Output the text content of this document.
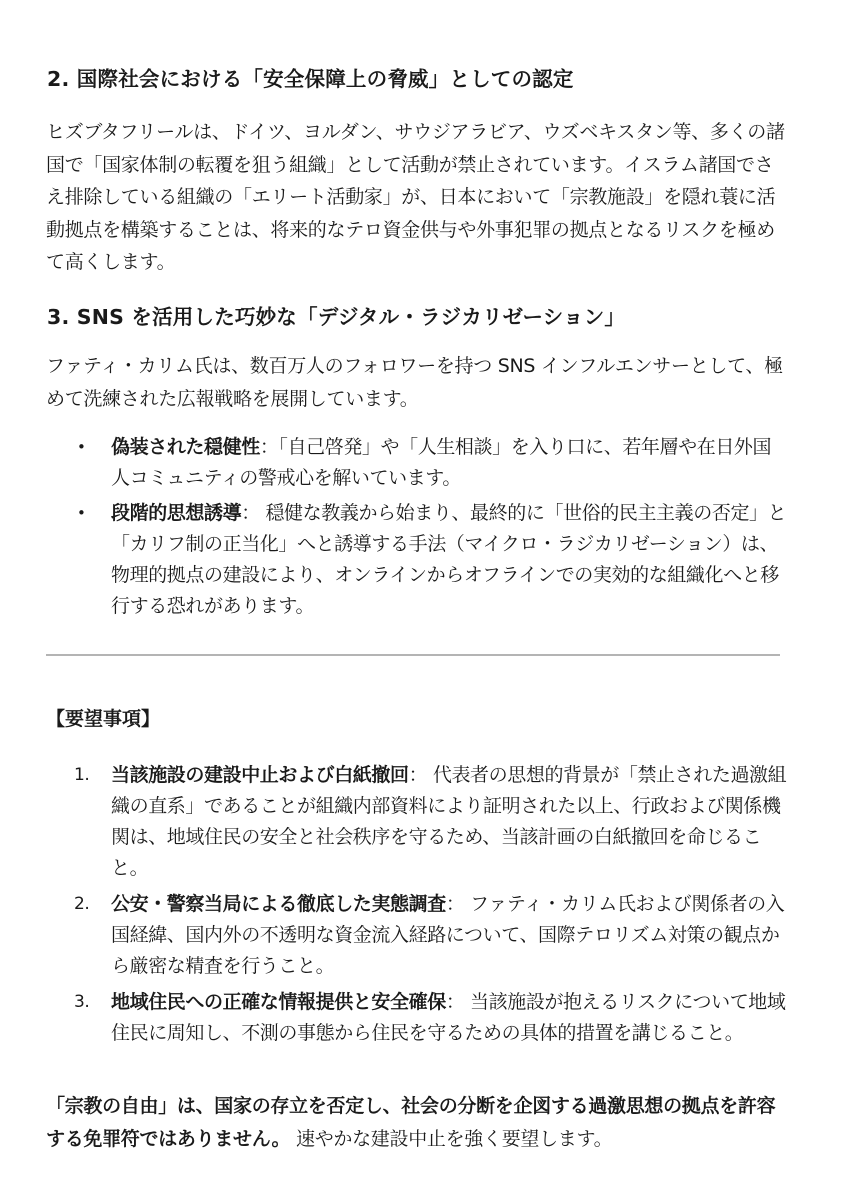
2. 国際社会における「安全保障上の脅威」としての認定

ヒズブタフリールは、ドイツ、ヨルダン、サウジアラビア、ウズベキスタン等、多くの諸国で「国家体制の転覆を狙う組織」として活動が禁止されています。イスラム諸国でさえ排除している組織の「エリート活動家」が、日本において「宗教施設」を隠れ蓑に活動拠点を構築することは、将来的なテロ資金供与や外事犯罪の拠点となるリスクを極めて高くします。

3. SNS を活用した巧妙な「デジタル・ラジカリゼーション」

ファティ・カリム氏は、数百万人のフォロワーを持つ SNS インフルエンサーとして、極めて洗練された広報戦略を展開しています。

• 偽装された穏健性：「自己啓発」や「人生相談」を入り口に、若年層や在日外国人コミュニティの警戒心を解いています。
• 段階的思想誘導： 穏健な教義から始まり、最終的に「世俗的民主主義の否定」と「カリフ制の正当化」へと誘導する手法（マイクロ・ラジカリゼーション）は、物理的拠点の建設により、オンラインからオフラインでの実効的な組織化へと移行する恐れがあります。

【要望事項】

1. 当該施設の建設中止および白紙撤回： 代表者の思想的背景が「禁止された過激組織の直系」であることが組織内部資料により証明された以上、行政および関係機関は、地域住民の安全と社会秩序を守るため、当該計画の白紙撤回を命じること。
2. 公安・警察当局による徹底した実態調査： ファティ・カリム氏および関係者の入国経緯、国内外の不透明な資金流入経路について、国際テロリズム対策の観点から厳密な精査を行うこと。
3. 地域住民への正確な情報提供と安全確保： 当該施設が抱えるリスクについて地域住民に周知し、不測の事態から住民を守るための具体的措置を講じること。

「宗教の自由」は、国家の存立を否定し、社会の分断を企図する過激思想の拠点を許容する免罪符ではありません。 速やかな建設中止を強く要望します。
